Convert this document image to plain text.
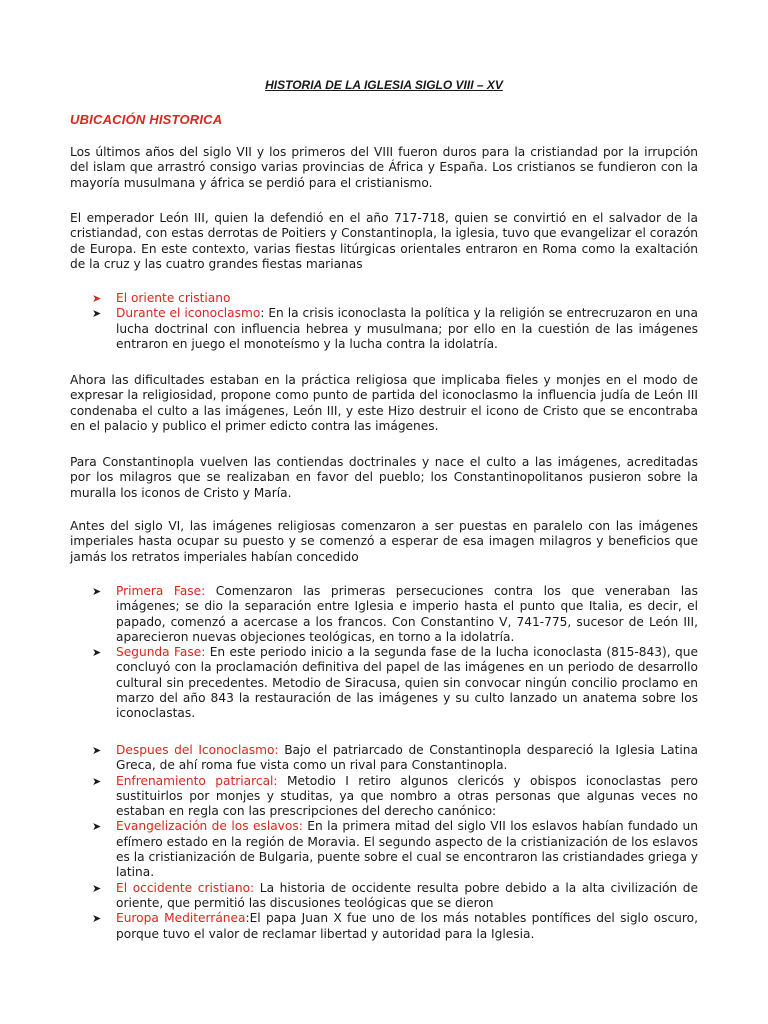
HISTORIA DE LA IGLESIA SIGLO VIII – XV
UBICACIÓN HISTORICA

Los últimos años del siglo VII y los primeros del VIII fueron duros para la cristiandad por la irrupción del islam que arrastró consigo varias provincias de África y España. Los cristianos se fundieron con la mayoría musulmana y áfrica se perdió para el cristianismo.

El emperador León III, quien la defendió en el año 717-718, quien se convirtió en el salvador de la cristiandad, con estas derrotas de Poitiers y Constantinopla, la iglesia, tuvo que evangelizar el corazón de Europa. En este contexto, varias fiestas litúrgicas orientales entraron en Roma como la exaltación de la cruz y las cuatro grandes fiestas marianas

➤ El oriente cristiano
➤ Durante el iconoclasmo: En la crisis iconoclasta la política y la religión se entrecruzaron en una lucha doctrinal con influencia hebrea y musulmana; por ello en la cuestión de las imágenes entraron en juego el monoteísmo y la lucha contra la idolatría.

Ahora las dificultades estaban en la práctica religiosa que implicaba fieles y monjes en el modo de expresar la religiosidad, propone como punto de partida del iconoclasmo la influencia judía de León III condenaba el culto a las imágenes, León III, y este Hizo destruir el icono de Cristo que se encontraba en el palacio y publico el primer edicto contra las imágenes.

Para Constantinopla vuelven las contiendas doctrinales y nace el culto a las imágenes, acreditadas por los milagros que se realizaban en favor del pueblo; los Constantinopolitanos pusieron sobre la muralla los iconos de Cristo y María.

Antes del siglo VI, las imágenes religiosas comenzaron a ser puestas en paralelo con las imágenes imperiales hasta ocupar su puesto y se comenzó a esperar de esa imagen milagros y beneficios que jamás los retratos imperiales habían concedido

➤ Primera Fase: Comenzaron las primeras persecuciones contra los que veneraban las imágenes; se dio la separación entre Iglesia e imperio hasta el punto que Italia, es decir, el papado, comenzó a acercase a los francos. Con Constantino V, 741-775, sucesor de León III, aparecieron nuevas objeciones teológicas, en torno a la idolatría.
➤ Segunda Fase: En este periodo inicio a la segunda fase de la lucha iconoclasta (815-843), que concluyó con la proclamación definitiva del papel de las imágenes en un periodo de desarrollo cultural sin precedentes. Metodio de Siracusa, quien sin convocar ningún concilio proclamo en marzo del año 843 la restauración de las imágenes y su culto lanzado un anatema sobre los iconoclastas.
➤ Despues del Iconoclasmo: Bajo el patriarcado de Constantinopla despareció la Iglesia Latina Greca, de ahí roma fue vista como un rival para Constantinopla.
➤ Enfrenamiento patriarcal: Metodio I retiro algunos clericós y obispos iconoclastas pero sustituirlos por monjes y studitas, ya que nombro a otras personas que algunas veces no estaban en regla con las prescripciones del derecho canónico:
➤ Evangelización de los eslavos: En la primera mitad del siglo VII los eslavos habían fundado un efímero estado en la región de Moravia. El segundo aspecto de la cristianización de los eslavos es la cristianización de Bulgaria, puente sobre el cual se encontraron las cristiandades griega y latina.
➤ El occidente cristiano: La historia de occidente resulta pobre debido a la alta civilización de oriente, que permitió las discusiones teológicas que se dieron
➤ Europa Mediterránea:El papa Juan X fue uno de los más notables pontífices del siglo oscuro, porque tuvo el valor de reclamar libertad y autoridad para la Iglesia.
